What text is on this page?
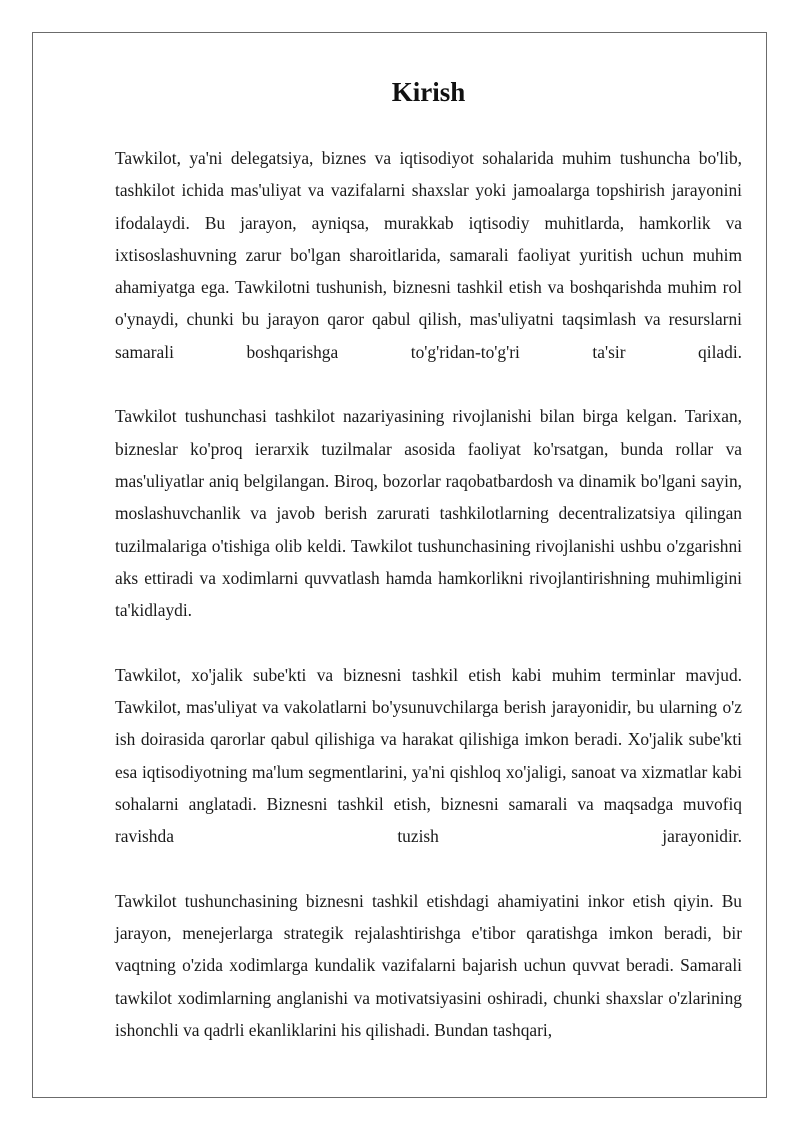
Kirish

Tawkilot, ya'ni delegatsiya, biznes va iqtisodiyot sohalarida muhim tushuncha bo'lib, tashkilot ichida mas'uliyat va vazifalarni shaxslar yoki jamoalarga topshirish jarayonini ifodalaydi. Bu jarayon, ayniqsa, murakkab iqtisodiy muhitlarda, hamkorlik va ixtisoslashuvning zarur bo'lgan sharoitlarida, samarali faoliyat yuritish uchun muhim ahamiyatga ega. Tawkilotni tushunish, biznesni tashkil etish va boshqarishda muhim rol o'ynaydi, chunki bu jarayon qaror qabul qilish, mas'uliyatni taqsimlash va resurslarni samarali boshqarishga to'g'ridan-to'g'ri ta'sir qiladi.

Tawkilot tushunchasi tashkilot nazariyasining rivojlanishi bilan birga kelgan. Tarixan, bizneslar ko'proq ierarxik tuzilmalar asosida faoliyat ko'rsatgan, bunda rollar va mas'uliyatlar aniq belgilangan. Biroq, bozorlar raqobatbardosh va dinamik bo'lgani sayin, moslashuvchanlik va javob berish zarurati tashkilotlarning decentralizatsiya qilingan tuzilmalariga o'tishiga olib keldi. Tawkilot tushunchasining rivojlanishi ushbu o'zgarishni aks ettiradi va xodimlarni quvvatlash hamda hamkorlikni rivojlantirishning muhimligini ta'kidlaydi.

Tawkilot, xo'jalik sube'kti va biznesni tashkil etish kabi muhim terminlar mavjud. Tawkilot, mas'uliyat va vakolatlarni bo'ysunuvchilarga berish jarayonidir, bu ularning o'z ish doirasida qarorlar qabul qilishiga va harakat qilishiga imkon beradi. Xo'jalik sube'kti esa iqtisodiyotning ma'lum segmentlarini, ya'ni qishloq xo'jaligi, sanoat va xizmatlar kabi sohalarni anglatadi. Biznesni tashkil etish, biznesni samarali va maqsadga muvofiq ravishda tuzish jarayonidir.

Tawkilot tushunchasining biznesni tashkil etishdagi ahamiyatini inkor etish qiyin. Bu jarayon, menejerlarga strategik rejalashtirishga e'tibor qaratishga imkon beradi, bir vaqtning o'zida xodimlarga kundalik vazifalarni bajarish uchun quvvat beradi. Samarali tawkilot xodimlarning anglanishi va motivatsiyasini oshiradi, chunki shaxslar o'zlarining ishonchli va qadrli ekanliklarini his qilishadi. Bundan tashqari,
